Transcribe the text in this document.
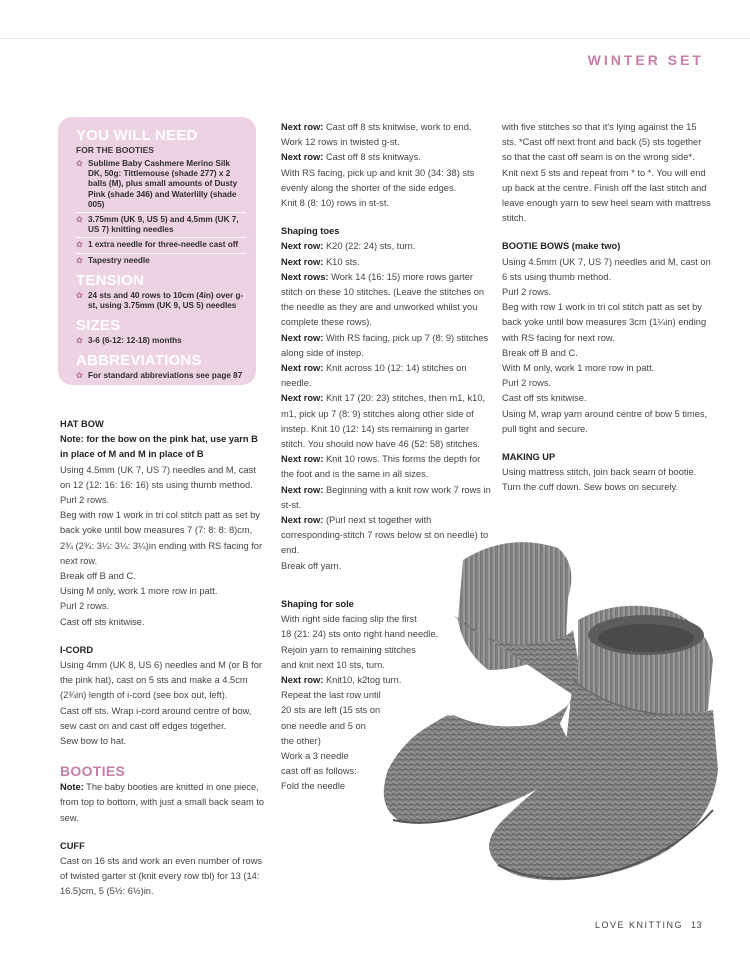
WINTER SET
YOU WILL NEED
FOR THE BOOTIES
✿ Sublime Baby Cashmere Merino Silk DK, 50g: Tittlemouse (shade 277) x 2 balls (M), plus small amounts of Dusty Pink (shade 346) and Waterlilly (shade 005)
✿ 3.75mm (UK 9, US 5) and 4.5mm (UK 7, US 7) knitting needles
✿ 1 extra needle for three-needle cast off
✿ Tapestry needle
TENSION
✿ 24 sts and 40 rows to 10cm (4in) over g-st, using 3.75mm (UK 9, US 5) needles
SIZES
✿ 3-6 (6-12: 12-18) months
ABBREVIATIONS
✿ For standard abbreviations see page 87

HAT BOW

Note: for the bow on the pink hat, use yarn B in place of M and M in place of B

Using 4.5mm (UK 7, US 7) needles and M, cast on 12 (12: 16: 16: 16) sts using thumb method.

Purl 2 rows.

Beg with row 1 work in tri col stitch patt as set by back yoke until bow measures 7 (7: 8: 8: 8)cm, 2¾ (2¾: 3¼: 3¼: 3¼)in ending with RS facing for next row.

Break off B and C.

Using M only, work 1 more row in patt.

Purl 2 rows.

Cast off sts knitwise.

I-CORD

Using 4mm (UK 8, US 6) needles and M (or B for the pink hat), cast on 5 sts and make a 4.5cm (2¾in) length of i-cord (see box out, left).

Cast off sts. Wrap i-cord around centre of bow, sew cast on and cast off edges together.

Sew bow to hat.

BOOTIES

Note: The baby booties are knitted in one piece, from top to bottom, with just a small back seam to sew.

CUFF

Cast on 16 sts and work an even number of rows of twisted garter st (knit every row tbl) for 13 (14: 16.5)cm, 5 (5½: 6½)in.

Next row: Cast off 8 sts knitwise, work to end.

Work 12 rows in twisted g-st.

Next row: Cast off 8 sts knitways.

With RS facing, pick up and knit 30 (34: 38) sts evenly along the shorter of the side edges.

Knit 8 (8: 10) rows in st-st.

Shaping toes

Next row: K20 (22: 24) sts, turn.

Next row: K10 sts.

Next rows: Work 14 (16: 15) more rows garter stitch on these 10 stitches. (Leave the stitches on the needle as they are and unworked whilst you complete these rows).

Next row: With RS facing, pick up 7 (8: 9) stitches along side of instep.

Next row: Knit across 10 (12: 14) stitches on needle.

Next row: Knit 17 (20: 23) stitches, then m1, k10, m1, pick up 7 (8: 9) stitches along other side of instep. Knit 10 (12: 14) sts remaining in garter stitch. You should now have 46 (52: 58) stitches.

Next row: Knit 10 rows. This forms the depth for the foot and is the same in all sizes.

Next row: Beginning with a knit row work 7 rows in st-st.

Next row: (Purl next st together with corresponding-stitch 7 rows below st on needle) to end.

Break off yarn.

Shaping for sole

With right side facing slip the first

18 (21: 24) sts onto right hand needle.

Rejoin yarn to remaining stitches

and knit next 10 sts, turn.

Next row: Knit10, k2tog turn.

Repeat the last row until

20 sts are left (15 sts on

one needle and 5 on

the other)

Work a 3 needle

cast off as follows:

Fold the needle

with five stitches so that it's lying against the 15 sts. *Cast off next front and back (5) sts together so that the cast off seam is on the wrong side*. Knit next 5 sts and repeat from * to *. You will end up back at the centre. Finish off the last stitch and leave enough yarn to sew heel seam with mattress stitch.

BOOTIE BOWS (make two)

Using 4.5mm (UK 7, US 7) needles and M, cast on 6 sts using thumb method.

Purl 2 rows.

Beg with row 1 work in tri col stitch patt as set by back yoke until bow measures 3cm (1¼in) ending with RS facing for next row.

Break off B and C.

With M only, work 1 more row in patt.

Purl 2 rows.

Cast off sts knitwise.

Using M, wrap yarn around centre of bow 5 times, pull tight and secure.

MAKING UP

Using mattress stitch, join back seam of bootie. Turn the cuff down. Sew bows on securely.

LOVE KNITTING 13
